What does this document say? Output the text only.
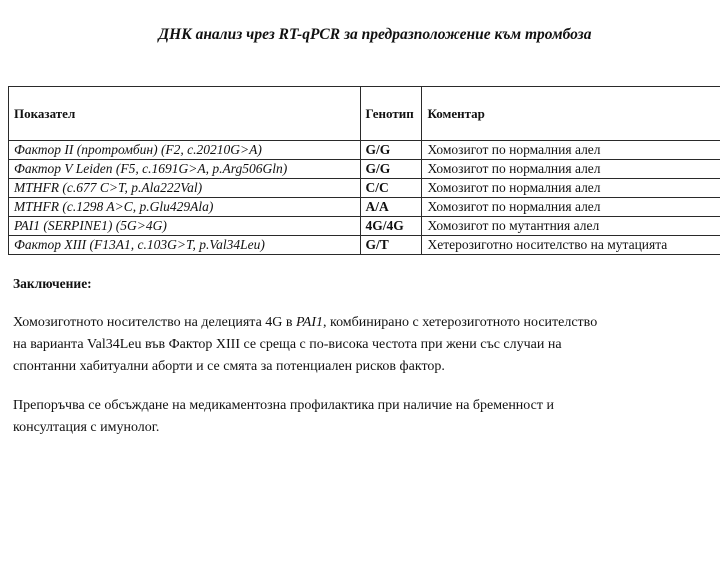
ДНК анализ чрез RT-qPCR за предразположение към тромбоза
Показател	Генотип	Коментар
Фактор II (протромбин) (F2, c.20210G>A)	G/G	Хомозигот по нормалния алел
Фактор V Leiden (F5, c.1691G>A, p.Arg506Gln)	G/G	Хомозигот по нормалния алел
MTHFR (c.677 C>T, p.Ala222Val)	C/C	Хомозигот по нормалния алел
MTHFR (c.1298 A>C, p.Glu429Ala)	A/A	Хомозигот по нормалния алел
PAI1 (SERPINE1) (5G>4G)	4G/4G	Хомозигот по мутантния алел
Фактор XIII (F13A1, c.103G>T, p.Val34Leu)	G/T	Хетерозиготно носителство на мутацията
Заключение:
Хомозиготното носителство на делецията 4G в PAI1, комбинирано с хетерозиготното носителство
на варианта Val34Leu във Фактор XIII се среща с по-висока честота при жени със случаи на
спонтанни хабитуални аборти и се смята за потенциален рисков фактор.
Препоръчва се обсъждане на медикаментозна профилактика при наличие на бременност и
консултация с имунолог.
